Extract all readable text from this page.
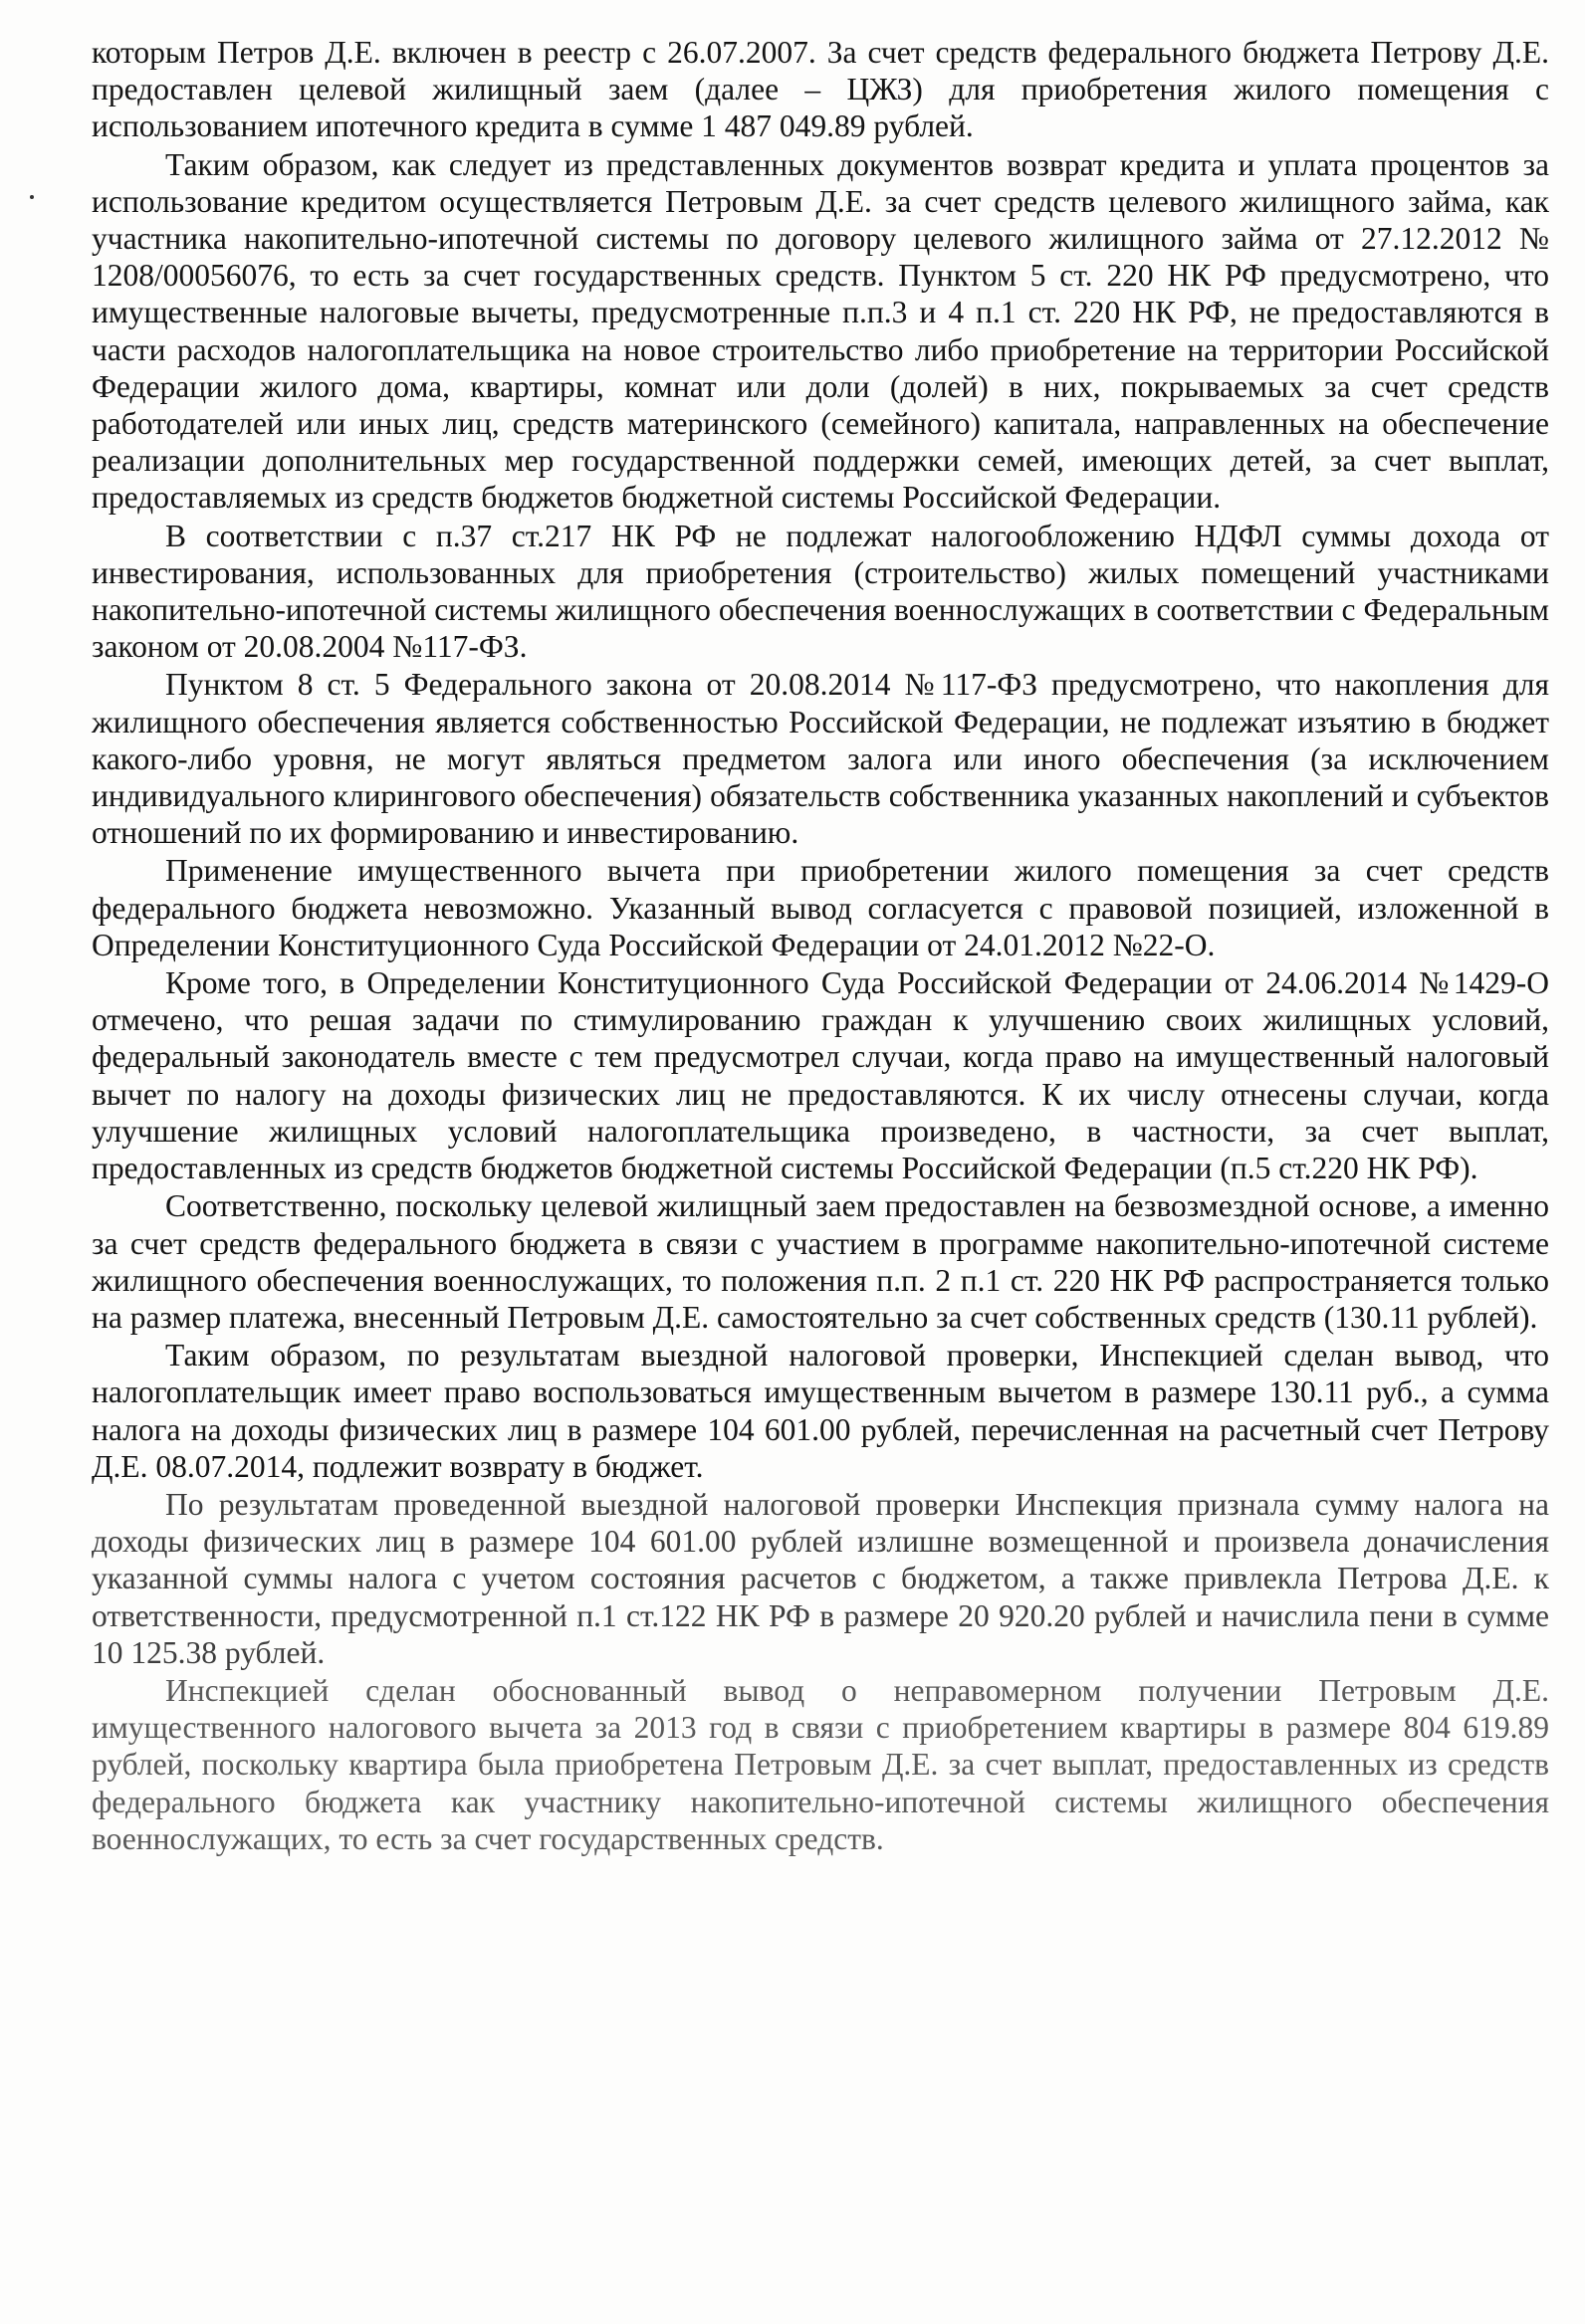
которым Петров Д.Е. включен в реестр с 26.07.2007. За счет средств федерального бюджета Петрову Д.Е. предоставлен целевой жилищный заем (далее – ЦЖЗ) для приобретения жилого помещения с использованием ипотечного кредита в сумме 1 487 049.89 рублей.

Таким образом, как следует из представленных документов возврат кредита и уплата процентов за использование кредитом осуществляется Петровым Д.Е. за счет средств целевого жилищного займа, как участника накопительно-ипотечной системы по договору целевого жилищного займа от 27.12.2012 № 1208/00056076, то есть за счет государственных средств. Пунктом 5 ст. 220 НК РФ предусмотрено, что имущественные налоговые вычеты, предусмотренные п.п.3 и 4 п.1 ст. 220 НК РФ, не предоставляются в части расходов налогоплательщика на новое строительство либо приобретение на территории Российской Федерации жилого дома, квартиры, комнат или доли (долей) в них, покрываемых за счет средств работодателей или иных лиц, средств материнского (семейного) капитала, направленных на обеспечение реализации дополнительных мер государственной поддержки семей, имеющих детей, за счет выплат, предоставляемых из средств бюджетов бюджетной системы Российской Федерации.

В соответствии с п.37 ст.217 НК РФ не подлежат налогообложению НДФЛ суммы дохода от инвестирования, использованных для приобретения (строительство) жилых помещений участниками накопительно-ипотечной системы жилищного обеспечения военнослужащих в соответствии с Федеральным законом от 20.08.2004 №117-ФЗ.

Пунктом 8 ст. 5 Федерального закона от 20.08.2014 №117-ФЗ предусмотрено, что накопления для жилищного обеспечения является собственностью Российской Федерации, не подлежат изъятию в бюджет какого-либо уровня, не могут являться предметом залога или иного обеспечения (за исключением индивидуального клирингового обеспечения) обязательств собственника указанных накоплений и субъектов отношений по их формированию и инвестированию.

Применение имущественного вычета при приобретении жилого помещения за счет средств федерального бюджета невозможно. Указанный вывод согласуется с правовой позицией, изложенной в Определении Конституционного Суда Российской Федерации от 24.01.2012 №22-О.

Кроме того, в Определении Конституционного Суда Российской Федерации от 24.06.2014 №1429-О отмечено, что решая задачи по стимулированию граждан к улучшению своих жилищных условий, федеральный законодатель вместе с тем предусмотрел случаи, когда право на имущественный налоговый вычет по налогу на доходы физических лиц не предоставляются. К их числу отнесены случаи, когда улучшение жилищных условий налогоплательщика произведено, в частности, за счет выплат, предоставленных из средств бюджетов бюджетной системы Российской Федерации (п.5 ст.220 НК РФ).

Соответственно, поскольку целевой жилищный заем предоставлен на безвозмездной основе, а именно за счет средств федерального бюджета в связи с участием в программе накопительно-ипотечной системе жилищного обеспечения военнослужащих, то положения п.п. 2 п.1 ст. 220 НК РФ распространяется только на размер платежа, внесенный Петровым Д.Е. самостоятельно за счет собственных средств (130.11 рублей).

Таким образом, по результатам выездной налоговой проверки, Инспекцией сделан вывод, что налогоплательщик имеет право воспользоваться имущественным вычетом в размере 130.11 руб., а сумма налога на доходы физических лиц в размере 104 601.00 рублей, перечисленная на расчетный счет Петрову Д.Е. 08.07.2014, подлежит возврату в бюджет.

По результатам проведенной выездной налоговой проверки Инспекция признала сумму налога на доходы физических лиц в размере 104 601.00 рублей излишне возмещенной и произвела доначисления указанной суммы налога с учетом состояния расчетов с бюджетом, а также привлекла Петрова Д.Е. к ответственности, предусмотренной п.1 ст.122 НК РФ в размере 20 920.20 рублей и начислила пени в сумме 10 125.38 рублей.

Инспекцией сделан обоснованный вывод о неправомерном получении Петровым Д.Е. имущественного налогового вычета за 2013 год в связи с приобретением квартиры в размере 804 619.89 рублей, поскольку квартира была приобретена Петровым Д.Е. за счет выплат, предоставленных из средств федерального бюджета как участнику накопительно-ипотечной системы жилищного обеспечения военнослужащих, то есть за счет государственных средств.
